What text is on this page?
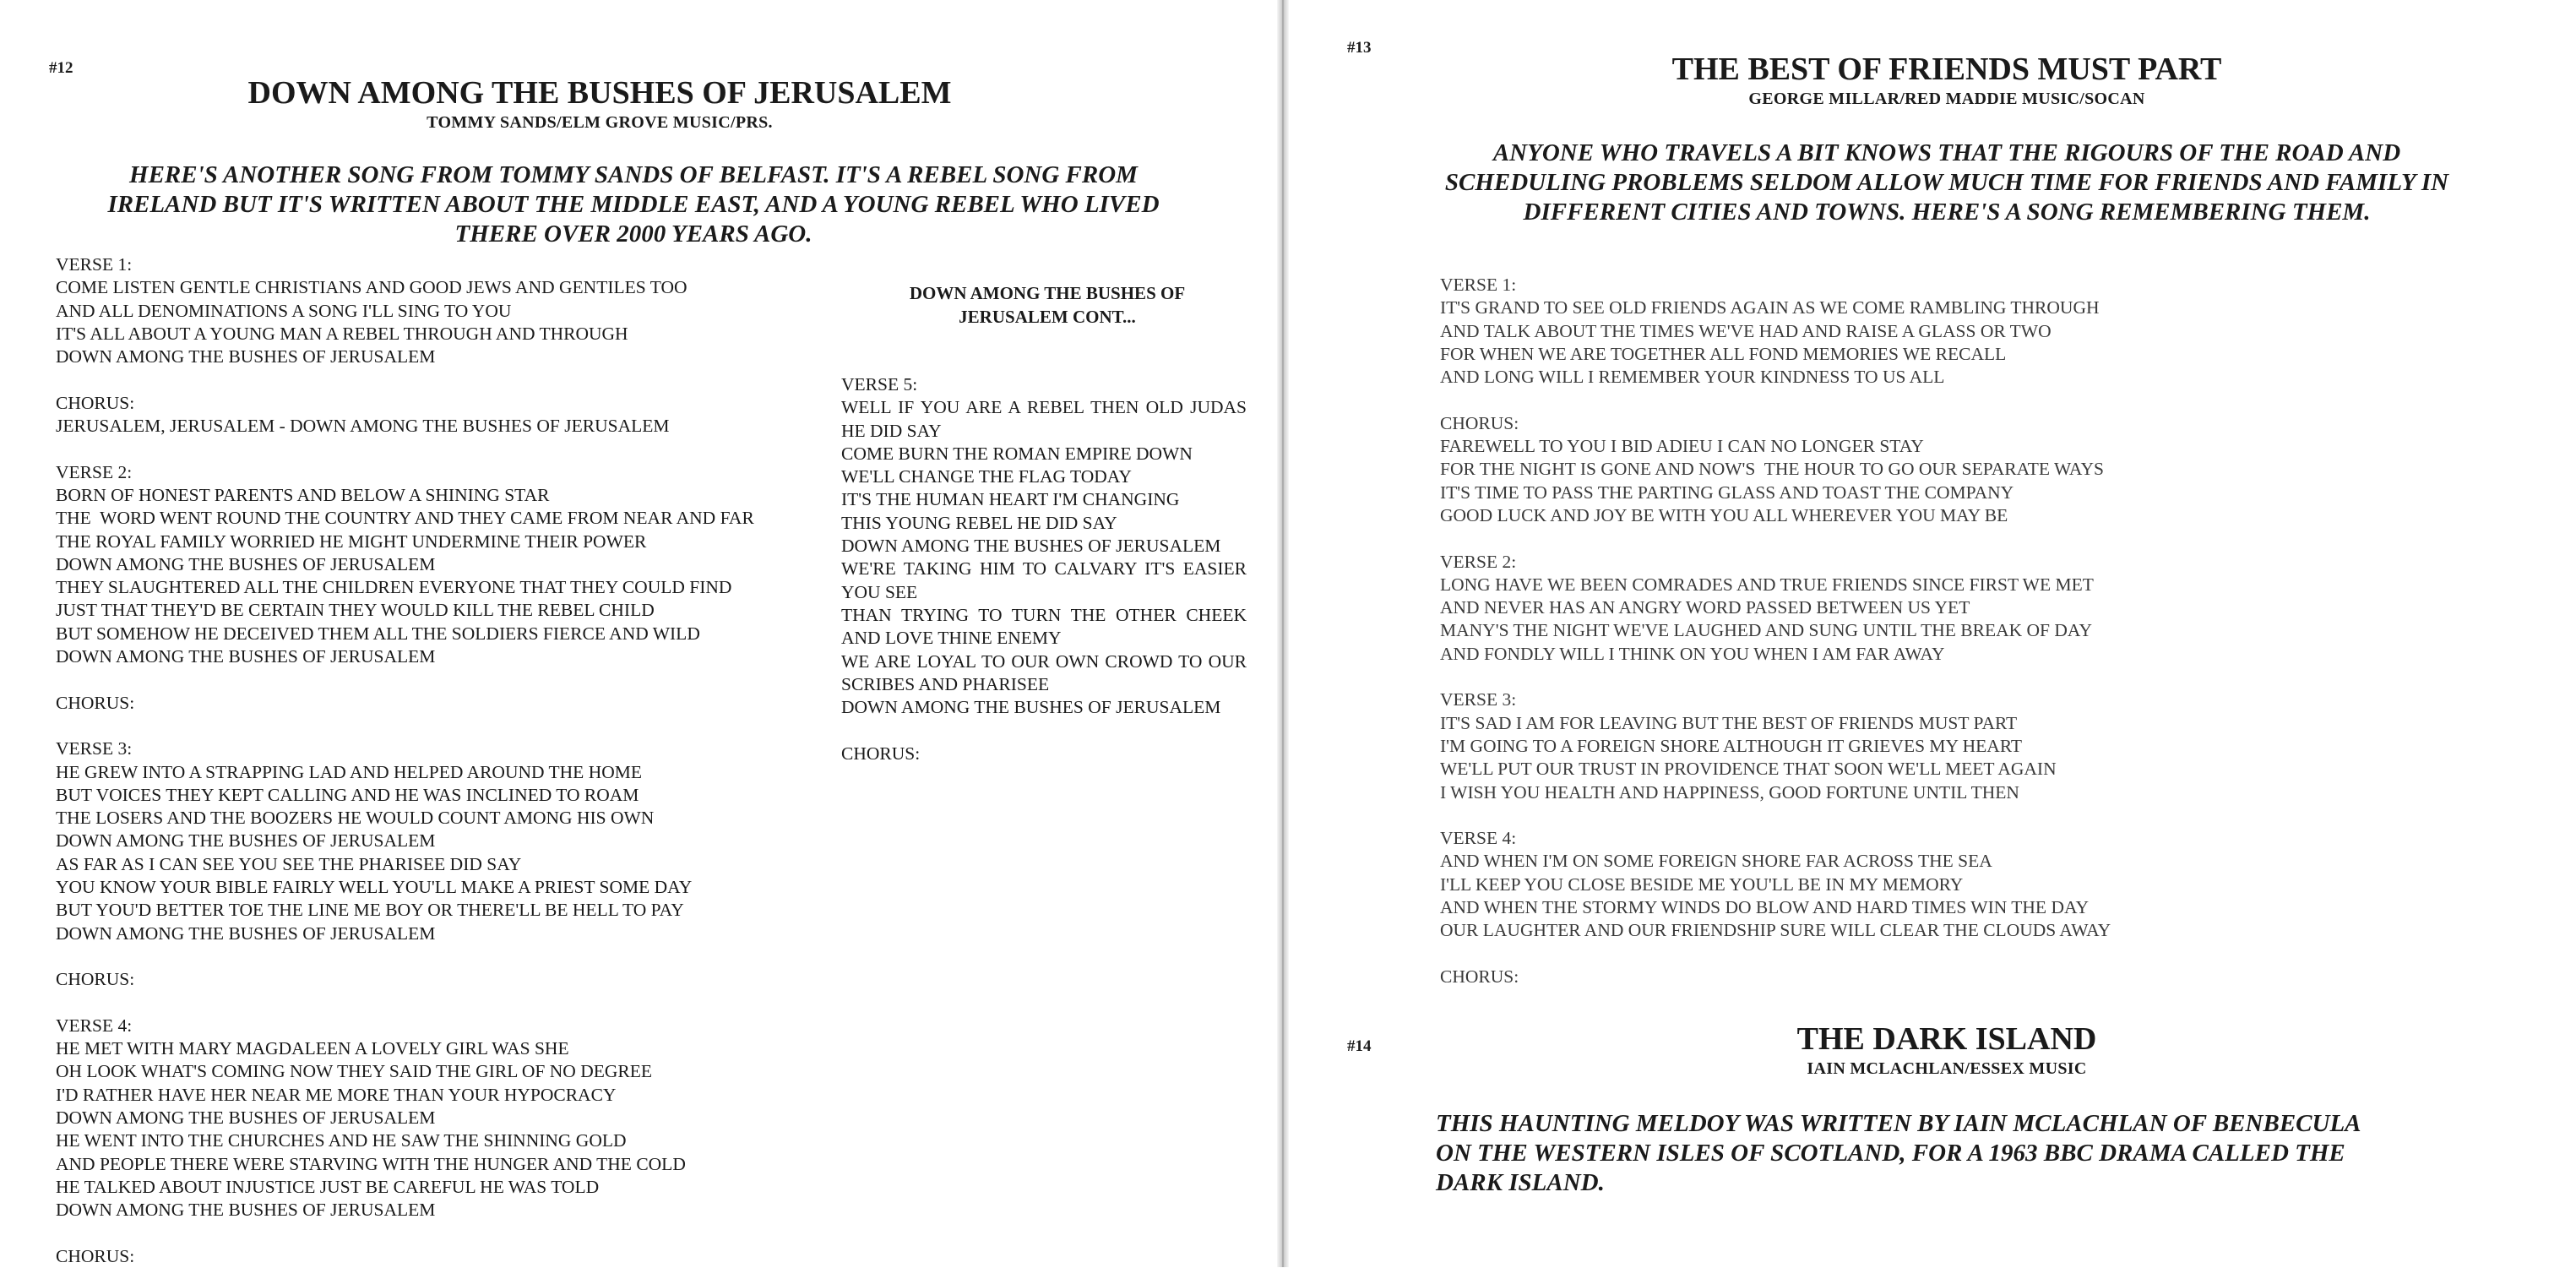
#12
DOWN AMONG THE BUSHES OF JERUSALEM
TOMMY SANDS/ELM GROVE MUSIC/PRS.
HERE'S ANOTHER SONG FROM TOMMY SANDS OF BELFAST. IT'S A REBEL SONG FROM
IRELAND BUT IT'S WRITTEN ABOUT THE MIDDLE EAST, AND A YOUNG REBEL WHO LIVED
THERE OVER 2000 YEARS AGO.
VERSE 1:
COME LISTEN GENTLE CHRISTIANS AND GOOD JEWS AND GENTILES TOO
AND ALL DENOMINATIONS A SONG I'LL SING TO YOU
IT'S ALL ABOUT A YOUNG MAN A REBEL THROUGH AND THROUGH
DOWN AMONG THE BUSHES OF JERUSALEM

CHORUS:
JERUSALEM, JERUSALEM - DOWN AMONG THE BUSHES OF JERUSALEM

VERSE 2:
BORN OF HONEST PARENTS AND BELOW A SHINING STAR
THE  WORD WENT ROUND THE COUNTRY AND THEY CAME FROM NEAR AND FAR
THE ROYAL FAMILY WORRIED HE MIGHT UNDERMINE THEIR POWER
DOWN AMONG THE BUSHES OF JERUSALEM
THEY SLAUGHTERED ALL THE CHILDREN EVERYONE THAT THEY COULD FIND
JUST THAT THEY'D BE CERTAIN THEY WOULD KILL THE REBEL CHILD
BUT SOMEHOW HE DECEIVED THEM ALL THE SOLDIERS FIERCE AND WILD
DOWN AMONG THE BUSHES OF JERUSALEM

CHORUS:

VERSE 3:
HE GREW INTO A STRAPPING LAD AND HELPED AROUND THE HOME
BUT VOICES THEY KEPT CALLING AND HE WAS INCLINED TO ROAM
THE LOSERS AND THE BOOZERS HE WOULD COUNT AMONG HIS OWN
DOWN AMONG THE BUSHES OF JERUSALEM
AS FAR AS I CAN SEE YOU SEE THE PHARISEE DID SAY
YOU KNOW YOUR BIBLE FAIRLY WELL YOU'LL MAKE A PRIEST SOME DAY
BUT YOU'D BETTER TOE THE LINE ME BOY OR THERE'LL BE HELL TO PAY
DOWN AMONG THE BUSHES OF JERUSALEM

CHORUS:

VERSE 4:
HE MET WITH MARY MAGDALEEN A LOVELY GIRL WAS SHE
OH LOOK WHAT'S COMING NOW THEY SAID THE GIRL OF NO DEGREE
I'D RATHER HAVE HER NEAR ME MORE THAN YOUR HYPOCRACY
DOWN AMONG THE BUSHES OF JERUSALEM
HE WENT INTO THE CHURCHES AND HE SAW THE SHINNING GOLD
AND PEOPLE THERE WERE STARVING WITH THE HUNGER AND THE COLD
HE TALKED ABOUT INJUSTICE JUST BE CAREFUL HE WAS TOLD
DOWN AMONG THE BUSHES OF JERUSALEM

CHORUS:
DOWN AMONG THE BUSHES OF
JERUSALEM CONT...
VERSE 5:
WELL IF YOU ARE A REBEL THEN OLD JUDAS HE DID SAY
COME BURN THE ROMAN EMPIRE DOWN
WE'LL CHANGE THE FLAG TODAY
IT'S THE HUMAN HEART I'M CHANGING
THIS YOUNG REBEL HE DID SAY
DOWN AMONG THE BUSHES OF JERUSALEM
WE'RE TAKING HIM TO CALVARY IT'S EASIER YOU SEE
THAN TRYING TO TURN THE OTHER CHEEK AND LOVE THINE ENEMY
WE ARE LOYAL TO OUR OWN CROWD TO OUR SCRIBES AND PHARISEE
DOWN AMONG THE BUSHES OF JERUSALEM

CHORUS:
#13
THE BEST OF FRIENDS MUST PART
GEORGE MILLAR/RED MADDIE MUSIC/SOCAN
ANYONE WHO TRAVELS A BIT KNOWS THAT THE RIGOURS OF THE ROAD AND
SCHEDULING PROBLEMS SELDOM ALLOW MUCH TIME FOR FRIENDS AND FAMILY IN
DIFFERENT CITIES AND TOWNS. HERE'S A SONG REMEMBERING THEM.
VERSE 1:
IT'S GRAND TO SEE OLD FRIENDS AGAIN AS WE COME RAMBLING THROUGH
AND TALK ABOUT THE TIMES WE'VE HAD AND RAISE A GLASS OR TWO
FOR WHEN WE ARE TOGETHER ALL FOND MEMORIES WE RECALL
AND LONG WILL I REMEMBER YOUR KINDNESS TO US ALL

CHORUS:
FAREWELL TO YOU I BID ADIEU I CAN NO LONGER STAY
FOR THE NIGHT IS GONE AND NOW'S  THE HOUR TO GO OUR SEPARATE WAYS
IT'S TIME TO PASS THE PARTING GLASS AND TOAST THE COMPANY
GOOD LUCK AND JOY BE WITH YOU ALL WHEREVER YOU MAY BE

VERSE 2:
LONG HAVE WE BEEN COMRADES AND TRUE FRIENDS SINCE FIRST WE MET
AND NEVER HAS AN ANGRY WORD PASSED BETWEEN US YET
MANY'S THE NIGHT WE'VE LAUGHED AND SUNG UNTIL THE BREAK OF DAY
AND FONDLY WILL I THINK ON YOU WHEN I AM FAR AWAY

VERSE 3:
IT'S SAD I AM FOR LEAVING BUT THE BEST OF FRIENDS MUST PART
I'M GOING TO A FOREIGN SHORE ALTHOUGH IT GRIEVES MY HEART
WE'LL PUT OUR TRUST IN PROVIDENCE THAT SOON WE'LL MEET AGAIN
I WISH YOU HEALTH AND HAPPINESS, GOOD FORTUNE UNTIL THEN

VERSE 4:
AND WHEN I'M ON SOME FOREIGN SHORE FAR ACROSS THE SEA
I'LL KEEP YOU CLOSE BESIDE ME YOU'LL BE IN MY MEMORY
AND WHEN THE STORMY WINDS DO BLOW AND HARD TIMES WIN THE DAY
OUR LAUGHTER AND OUR FRIENDSHIP SURE WILL CLEAR THE CLOUDS AWAY

CHORUS:
#14	THE DARK ISLAND
IAIN MCLACHLAN/ESSEX MUSIC
THIS HAUNTING MELDOY WAS WRITTEN BY IAIN MCLACHLAN OF BENBECULA
ON THE WESTERN ISLES OF SCOTLAND, FOR A 1963 BBC DRAMA CALLED THE
DARK ISLAND.
